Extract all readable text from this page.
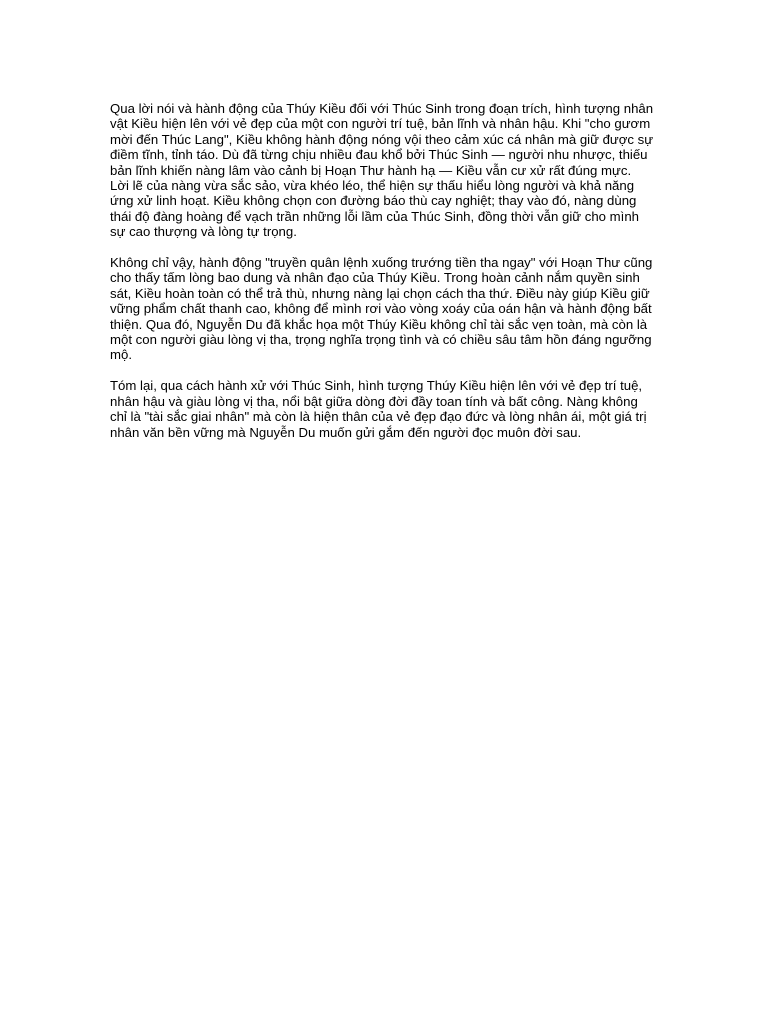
Qua lời nói và hành động của Thúy Kiều đối với Thúc Sinh trong đoạn trích, hình tượng nhân
vật Kiều hiện lên với vẻ đẹp của một con người trí tuệ, bản lĩnh và nhân hậu. Khi "cho gươm
mời đến Thúc Lang", Kiều không hành động nóng vội theo cảm xúc cá nhân mà giữ được sự
điềm tĩnh, tỉnh táo. Dù đã từng chịu nhiều đau khổ bởi Thúc Sinh — người nhu nhược, thiếu
bản lĩnh khiến nàng lâm vào cảnh bị Hoạn Thư hành hạ — Kiều vẫn cư xử rất đúng mực.
Lời lẽ của nàng vừa sắc sảo, vừa khéo léo, thể hiện sự thấu hiểu lòng người và khả năng
ứng xử linh hoạt. Kiều không chọn con đường báo thù cay nghiệt; thay vào đó, nàng dùng
thái độ đàng hoàng để vạch trần những lỗi lầm của Thúc Sinh, đồng thời vẫn giữ cho mình
sự cao thượng và lòng tự trọng.

Không chỉ vậy, hành động "truyền quân lệnh xuống trướng tiền tha ngay" với Hoạn Thư cũng
cho thấy tấm lòng bao dung và nhân đạo của Thúy Kiều. Trong hoàn cảnh nắm quyền sinh
sát, Kiều hoàn toàn có thể trả thù, nhưng nàng lại chọn cách tha thứ. Điều này giúp Kiều giữ
vững phẩm chất thanh cao, không để mình rơi vào vòng xoáy của oán hận và hành động bất
thiện. Qua đó, Nguyễn Du đã khắc họa một Thúy Kiều không chỉ tài sắc vẹn toàn, mà còn là
một con người giàu lòng vị tha, trọng nghĩa trọng tình và có chiều sâu tâm hồn đáng ngưỡng
mộ.

Tóm lại, qua cách hành xử với Thúc Sinh, hình tượng Thúy Kiều hiện lên với vẻ đẹp trí tuệ,
nhân hậu và giàu lòng vị tha, nổi bật giữa dòng đời đầy toan tính và bất công. Nàng không
chỉ là "tài sắc giai nhân" mà còn là hiện thân của vẻ đẹp đạo đức và lòng nhân ái, một giá trị
nhân văn bền vững mà Nguyễn Du muốn gửi gắm đến người đọc muôn đời sau.
